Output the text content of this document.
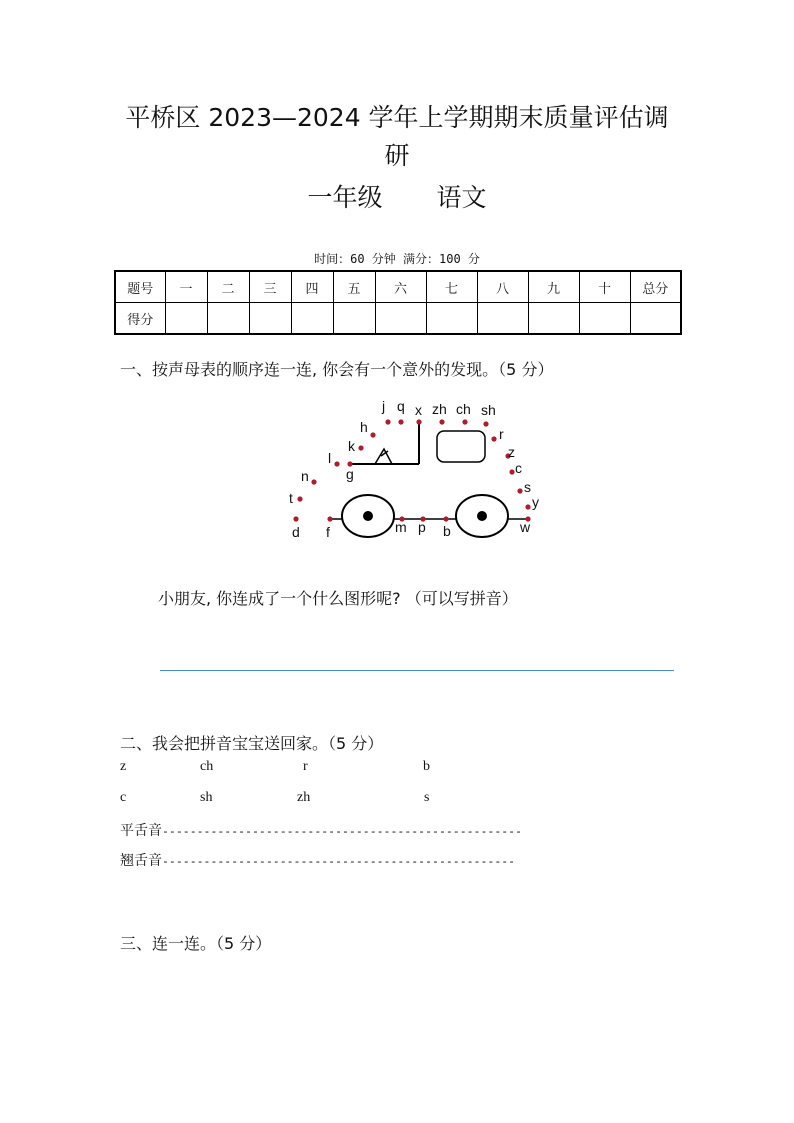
平桥区 2023—2024 学年上学期期末质量评估调
研
一年级 语文
时间：60 分钟 满分：100 分
题号	一	二	三	四	五	六	七	八	九	十	总分
得分											
一、按声母表的顺序连一连, 你会有一个意外的发现。（5 分）
d
t
n
l
g
k
h
j q x zh ch sh
r
z
c
s
y
w
b
p
m
f
小朋友, 你连成了一个什么图形呢? （可以写拼音）
二、我会把拼音宝宝送回家。（5 分）
z	ch	r	b
c	sh	zh	s
平舌音----------------------------------------------------
翘舌音---------------------------------------------------
三、连一连。（5 分）
